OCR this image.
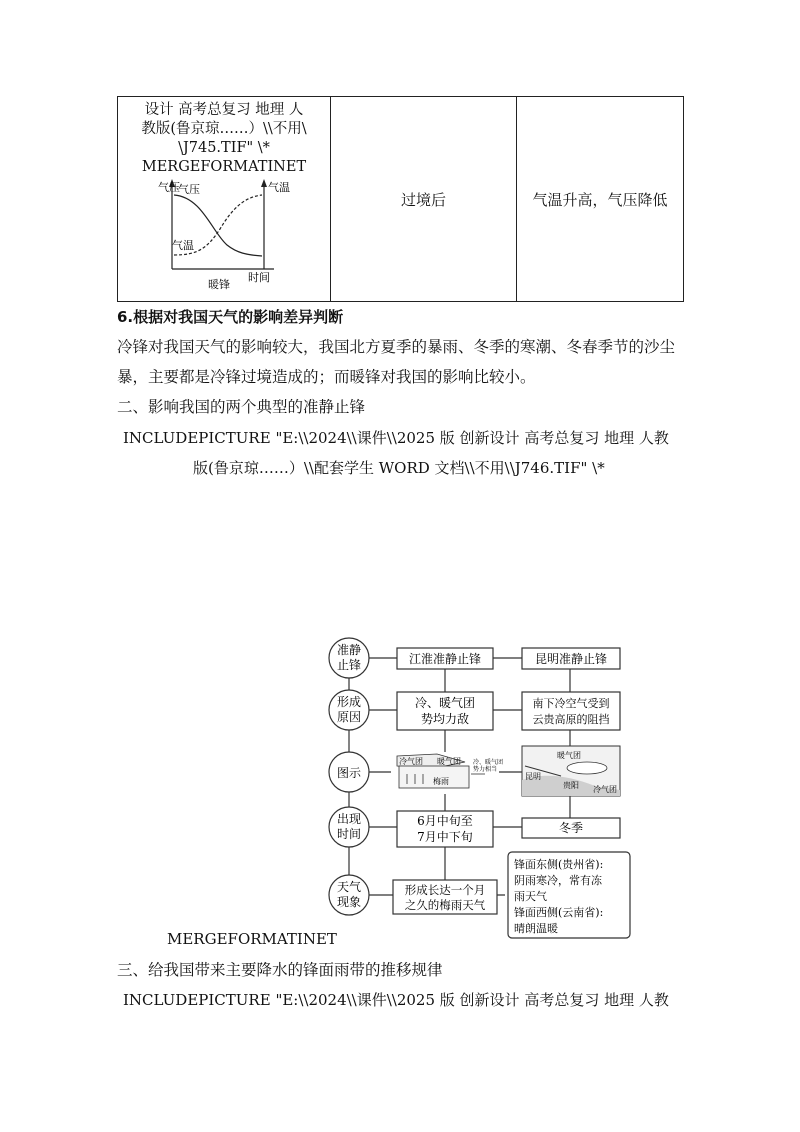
设计 高考总复习 地理 人
教版(鲁京琼……）\\不用\
\J745.TIF" \*
MERGEFORMATINET
气压	气温
气压
气温
时间
暖锋
	过境后	气温升高，气压降低
6.根据对我国天气的影响差异判断
冷锋对我国天气的影响较大，我国北方夏季的暴雨、冬季的寒潮、冬春季节的沙尘
暴，主要都是冷锋过境造成的；而暖锋对我国的影响比较小。
二、影响我国的两个典型的准静止锋
INCLUDEPICTURE "E:\\2024\\课件\\2025 版 创新设计 高考总复习 地理 人教
版(鲁京琼……）\\配套学生 WORD 文档\\不用\\J746.TIF" \*
准静
止锋
形成
原因
图示
出现
时间
天气
现象
江淮准静止锋
冷、暖气团
势均力敌
冷气团 暖气团
梅雨
冷、暖气团
势力相当
6月中旬至
7月中下旬
形成长达一个月
之久的梅雨天气
昆明准静止锋
南下冷空气受到
云贵高原的阻挡
暖气团
冷气团
昆明
贵阳
冬季
锋面东侧(贵州省):
阴雨寒冷，常有冻
雨天气
锋面西侧(云南省):
晴朗温暖
MERGEFORMATINET
三、给我国带来主要降水的锋面雨带的推移规律
INCLUDEPICTURE "E:\\2024\\课件\\2025 版 创新设计 高考总复习 地理 人教
